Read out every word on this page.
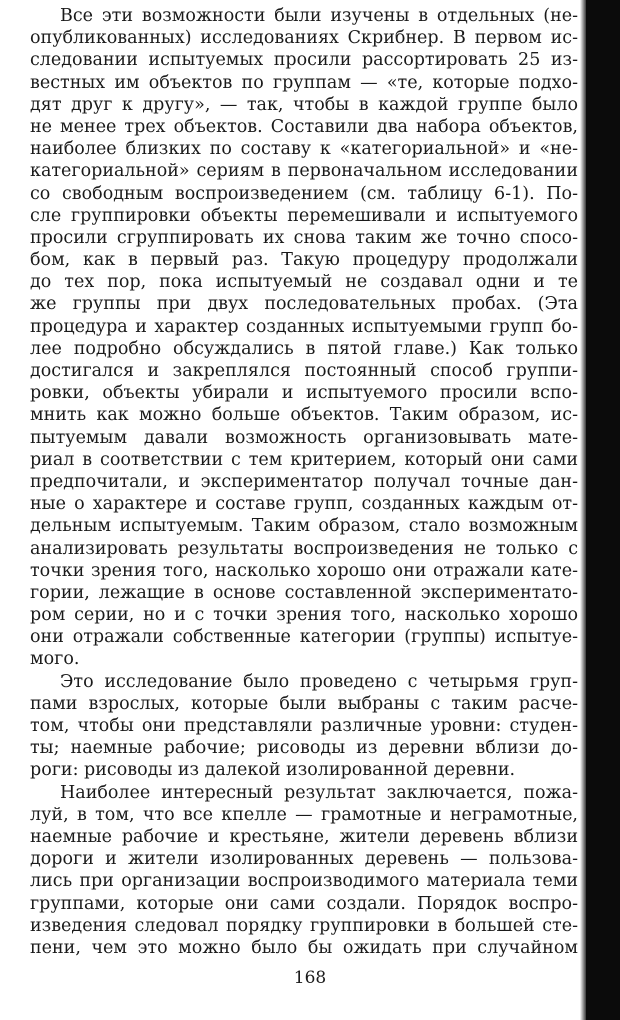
Все эти возможности были изучены в отдельных (не-
опубликованных) исследованиях Скрибнер. В первом ис-
следовании испытуемых просили рассортировать 25 из-
вестных им объектов по группам — «те, которые подхо-
дят друг к другу», — так, чтобы в каждой группе было
не менее трех объектов. Составили два набора объектов,
наиболее близких по составу к «категориальной» и «не-
категориальной» сериям в первоначальном исследовании
со свободным воспроизведением (см. таблицу 6-1). По-
сле группировки объекты перемешивали и испытуемого
просили сгруппировать их снова таким же точно спосо-
бом, как в первый раз. Такую процедуру продолжали
до тех пор, пока испытуемый не создавал одни и те
же группы при двух последовательных пробах. (Эта
процедура и характер созданных испытуемыми групп бо-
лее подробно обсуждались в пятой главе.) Как только
достигался и закреплялся постоянный способ группи-
ровки, объекты убирали и испытуемого просили вспо-
мнить как можно больше объектов. Таким образом, ис-
пытуемым давали возможность организовывать мате-
риал в соответствии с тем критерием, который они сами
предпочитали, и экспериментатор получал точные дан-
ные о характере и составе групп, созданных каждым от-
дельным испытуемым. Таким образом, стало возможным
анализировать результаты воспроизведения не только с
точки зрения того, насколько хорошо они отражали кате-
гории, лежащие в основе составленной экспериментато-
ром серии, но и с точки зрения того, насколько хорошо
они отражали собственные категории (группы) испытуе-
мого.
Это исследование было проведено с четырьмя груп-
пами взрослых, которые были выбраны с таким расче-
том, чтобы они представляли различные уровни: студен-
ты; наемные рабочие; рисоводы из деревни вблизи до-
роги: рисоводы из далекой изолированной деревни.
Наиболее интересный результат заключается, пожа-
луй, в том, что все кпелле — грамотные и неграмотные,
наемные рабочие и крестьяне, жители деревень вблизи
дороги и жители изолированных деревень — пользова-
лись при организации воспроизводимого материала теми
группами, которые они сами создали. Порядок воспро-
изведения следовал порядку группировки в большей сте-
пени, чем это можно было бы ожидать при случайном
168
